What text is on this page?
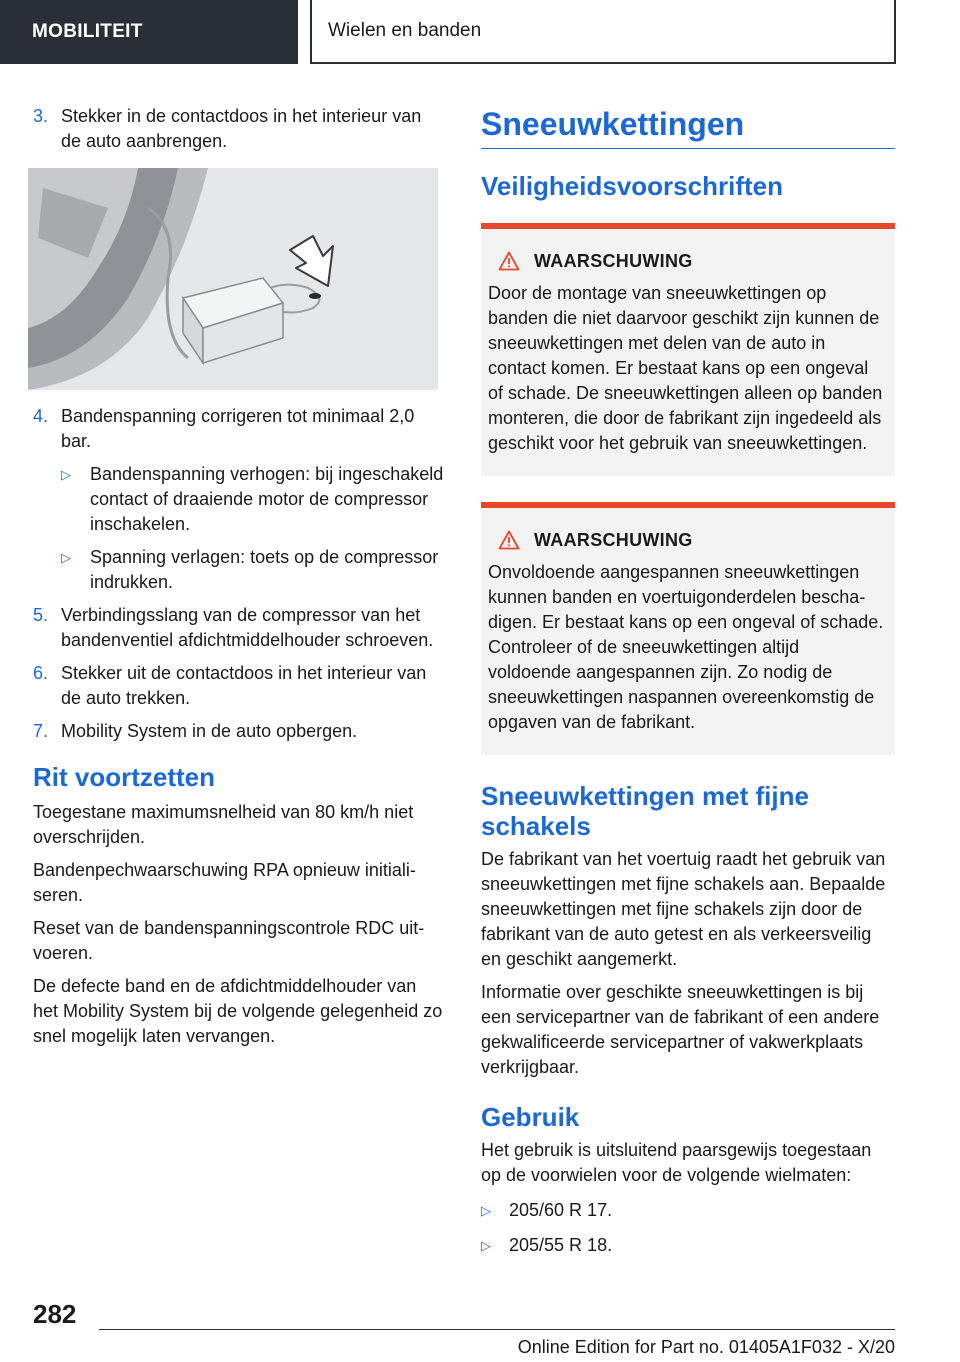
MOBILITEIT	Wielen en banden
3. Stekker in de contactdoos in het interieur van de auto aanbrengen.
4. Bandenspanning corrigeren tot minimaal 2,0 bar.
▷	Bandenspanning verhogen: bij ingeschakeld contact of draaiende motor de compressor inschakelen.
▷	Spanning verlagen: toets op de compressor indrukken.
5. Verbindingsslang van de compressor van het bandenventiel afdichtmiddelhouder schroeven.
6. Stekker uit de contactdoos in het interieur van de auto trekken.
7. Mobility System in de auto opbergen.
Rit voortzetten
Toegestane maximumsnelheid van 80 km/h niet overschrijden.
Bandenpechwaarschuwing RPA opnieuw initialiseren.
Reset van de bandenspanningscontrole RDC uitvoeren.
De defecte band en de afdichtmiddelhouder van het Mobility System bij de volgende gelegenheid zo snel mogelijk laten vervangen.
Sneeuwkettingen
Veiligheidsvoorschriften
WAARSCHUWING
Door de montage van sneeuwkettingen op banden die niet daarvoor geschikt zijn kunnen de sneeuwkettingen met delen van de auto in contact komen. Er bestaat kans op een ongeval of schade. De sneeuwkettingen alleen op banden monteren, die door de fabrikant zijn ingedeeld als geschikt voor het gebruik van sneeuwkettingen.
WAARSCHUWING
Onvoldoende aangespannen sneeuwkettingen kunnen banden en voertuigonderdelen beschadigen. Er bestaat kans op een ongeval of schade. Controleer of de sneeuwkettingen altijd voldoende aangespannen zijn. Zo nodig de sneeuwkettingen naspannen overeenkomstig de opgaven van de fabrikant.
Sneeuwkettingen met fijne schakels
De fabrikant van het voertuig raadt het gebruik van sneeuwkettingen met fijne schakels aan. Bepaalde sneeuwkettingen met fijne schakels zijn door de fabrikant van de auto getest en als verkeersveilig en geschikt aangemerkt.
Informatie over geschikte sneeuwkettingen is bij een servicepartner van de fabrikant of een andere gekwalificeerde servicepartner of vakwerkplaats verkrijgbaar.
Gebruik
Het gebruik is uitsluitend paarsgewijs toegestaan op de voorwielen voor de volgende wielmaten:
▷	205/60 R 17.
▷	205/55 R 18.
282
Online Edition for Part no. 01405A1F032 - X/20
